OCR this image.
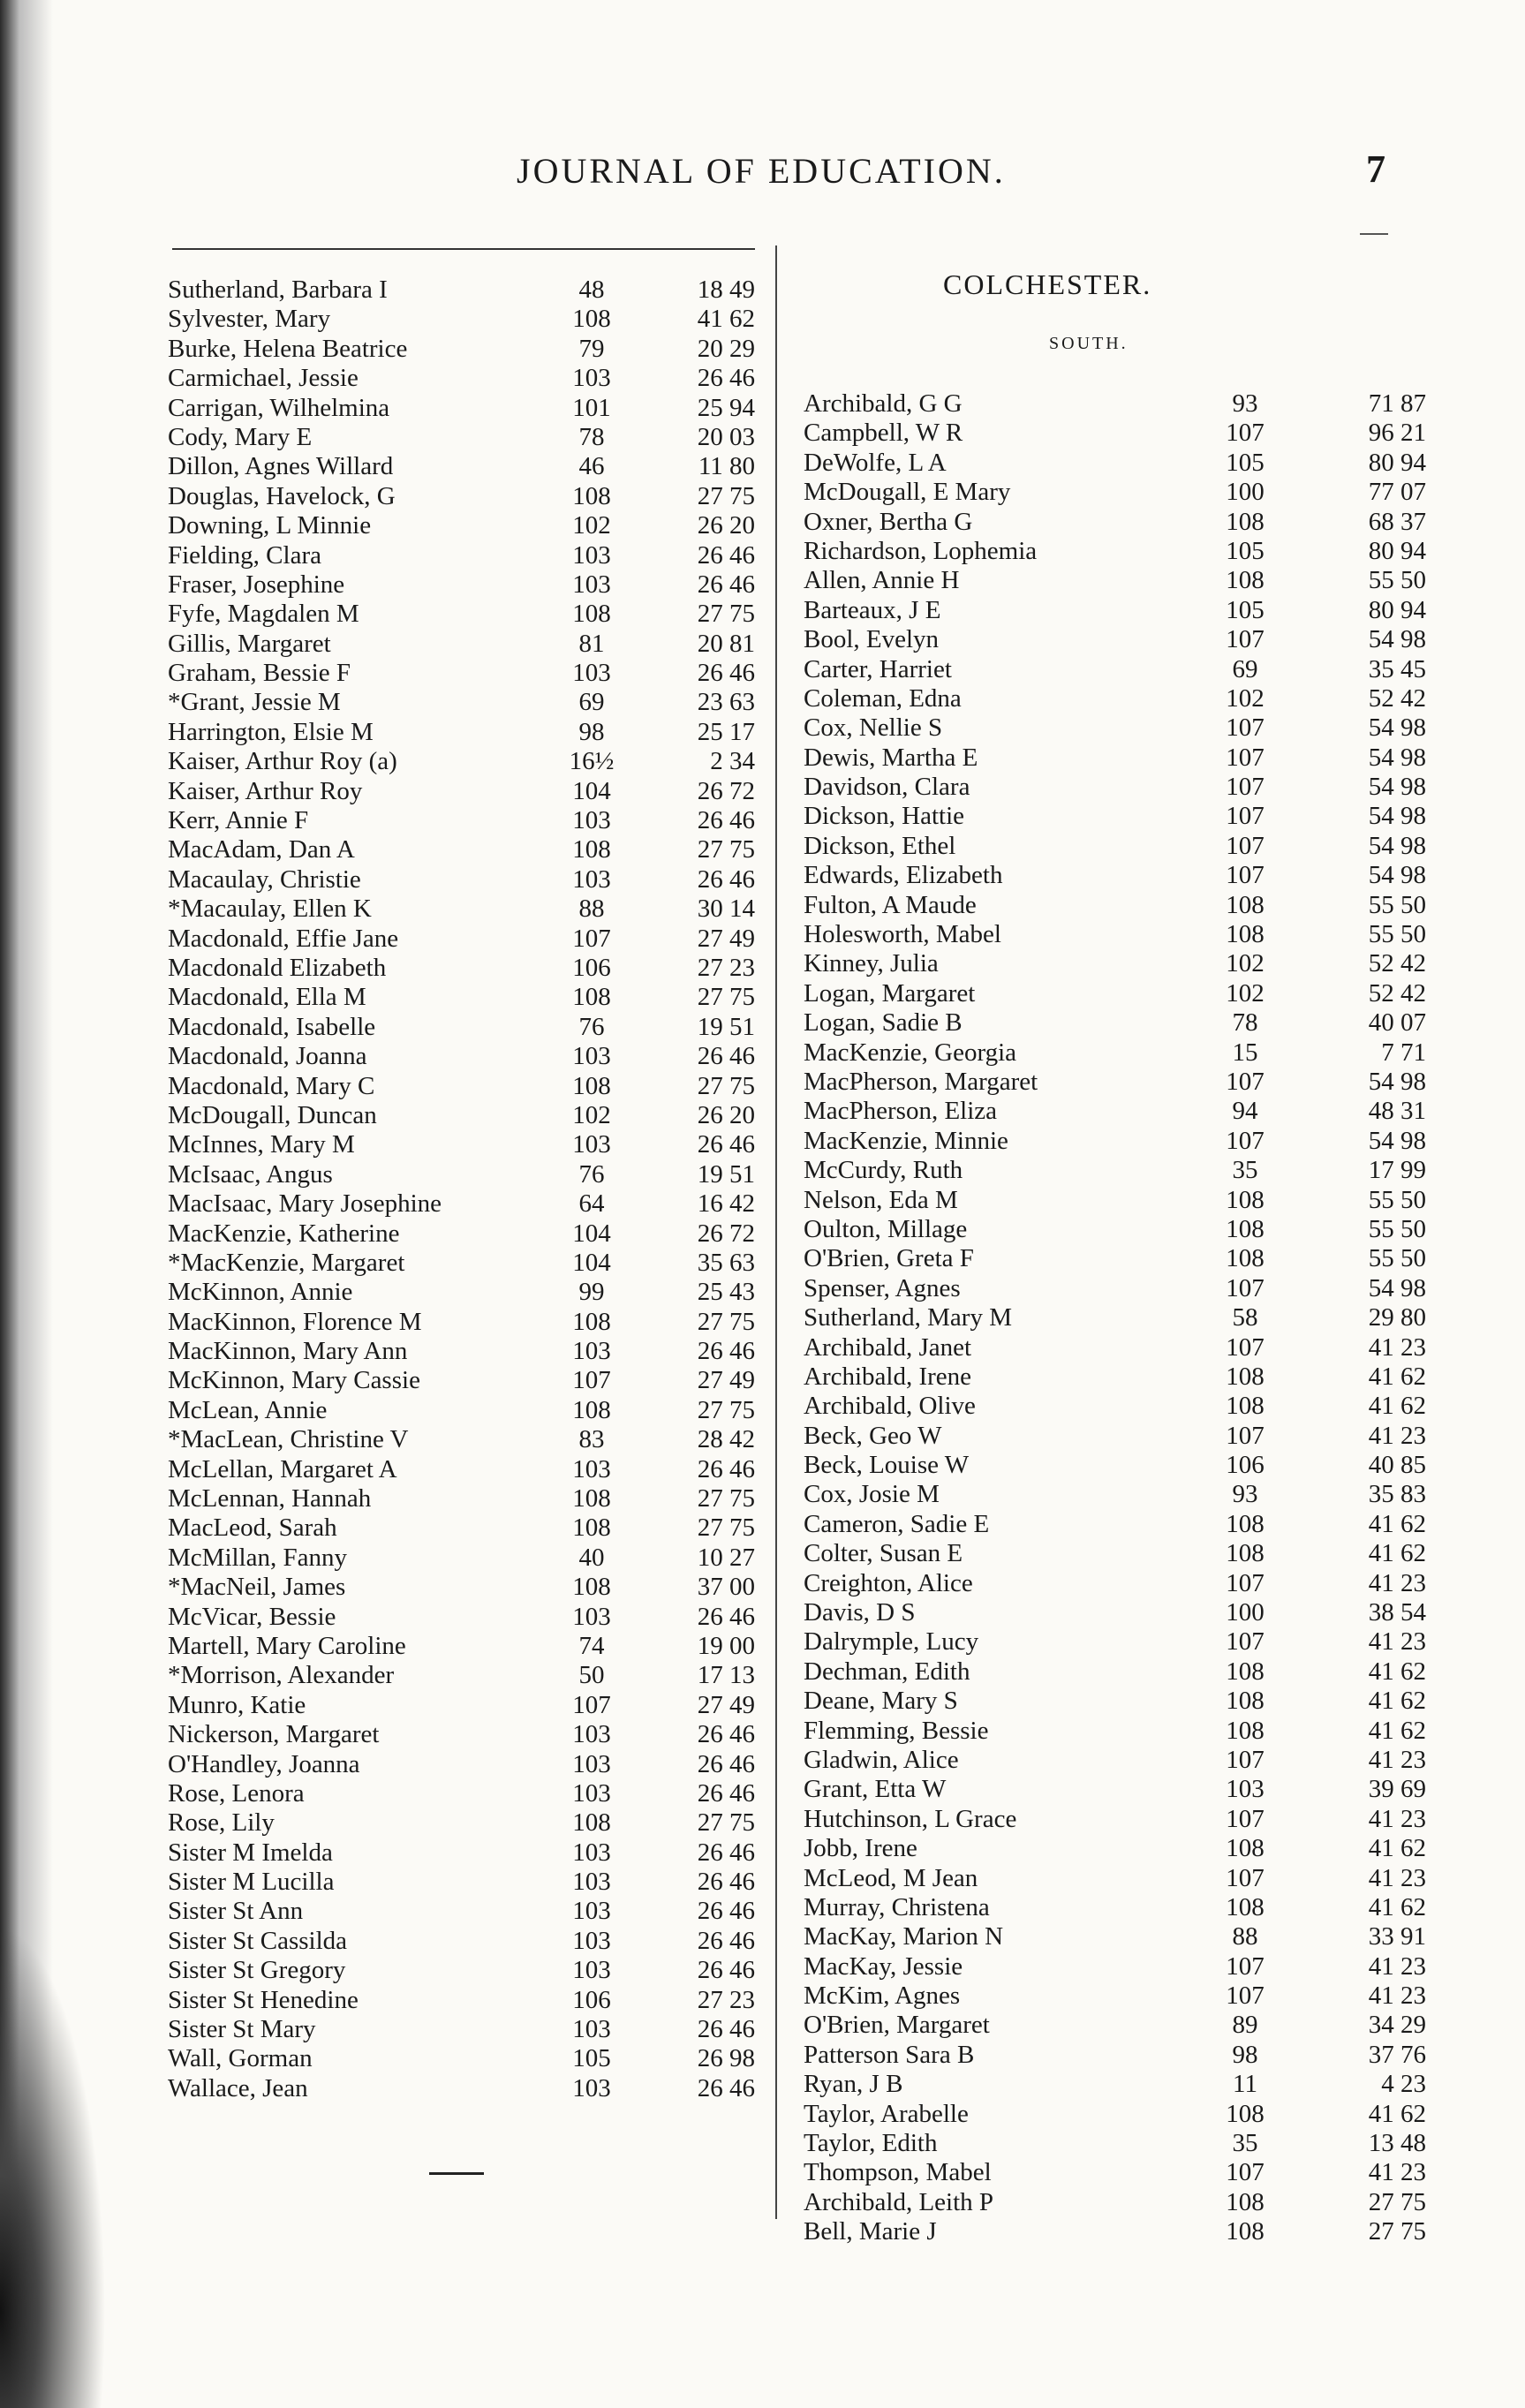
JOURNAL OF EDUCATION.	7
Sutherland, Barbara I	48	18 49
Sylvester, Mary	108	41 62
Burke, Helena Beatrice	79	20 29
Carmichael, Jessie	103	26 46
Carrigan, Wilhelmina	101	25 94
Cody, Mary E	78	20 03
Dillon, Agnes Willard	46	11 80
Douglas, Havelock, G	108	27 75
Downing, L Minnie	102	26 20
Fielding, Clara	103	26 46
Fraser, Josephine	103	26 46
Fyfe, Magdalen M	108	27 75
Gillis, Margaret	81	20 81
Graham, Bessie F	103	26 46
*Grant, Jessie M	69	23 63
Harrington, Elsie M	98	25 17
Kaiser, Arthur Roy (a)	16½	2 34
Kaiser, Arthur Roy	104	26 72
Kerr, Annie F	103	26 46
MacAdam, Dan A	108	27 75
Macaulay, Christie	103	26 46
*Macaulay, Ellen K	88	30 14
Macdonald, Effie Jane	107	27 49
Macdonald Elizabeth	106	27 23
Macdonald, Ella M	108	27 75
Macdonald, Isabelle	76	19 51
Macdonald, Joanna	103	26 46
Macdonald, Mary C	108	27 75
McDougall, Duncan	102	26 20
McInnes, Mary M	103	26 46
McIsaac, Angus	76	19 51
MacIsaac, Mary Josephine	64	16 42
MacKenzie, Katherine	104	26 72
*MacKenzie, Margaret	104	35 63
McKinnon, Annie	99	25 43
MacKinnon, Florence M	108	27 75
MacKinnon, Mary Ann	103	26 46
McKinnon, Mary Cassie	107	27 49
McLean, Annie	108	27 75
*MacLean, Christine V	83	28 42
McLellan, Margaret A	103	26 46
McLennan, Hannah	108	27 75
MacLeod, Sarah	108	27 75
McMillan, Fanny	40	10 27
*MacNeil, James	108	37 00
McVicar, Bessie	103	26 46
Martell, Mary Caroline	74	19 00
*Morrison, Alexander	50	17 13
Munro, Katie	107	27 49
Nickerson, Margaret	103	26 46
O'Handley, Joanna	103	26 46
Rose, Lenora	103	26 46
Rose, Lily	108	27 75
Sister M Imelda	103	26 46
Sister M Lucilla	103	26 46
Sister St Ann	103	26 46
Sister St Cassilda	103	26 46
Sister St Gregory	103	26 46
Sister St Henedine	106	27 23
Sister St Mary	103	26 46
Wall, Gorman	105	26 98
Wallace, Jean	103	26 46
COLCHESTER.
SOUTH.
Archibald, G G	93	71 87
Campbell, W R	107	96 21
DeWolfe, L A	105	80 94
McDougall, E Mary	100	77 07
Oxner, Bertha G	108	68 37
Richardson, Lophemia	105	80 94
Allen, Annie H	108	55 50
Barteaux, J E	105	80 94
Bool, Evelyn	107	54 98
Carter, Harriet	69	35 45
Coleman, Edna	102	52 42
Cox, Nellie S	107	54 98
Dewis, Martha E	107	54 98
Davidson, Clara	107	54 98
Dickson, Hattie	107	54 98
Dickson, Ethel	107	54 98
Edwards, Elizabeth	107	54 98
Fulton, A Maude	108	55 50
Holesworth, Mabel	108	55 50
Kinney, Julia	102	52 42
Logan, Margaret	102	52 42
Logan, Sadie B	78	40 07
MacKenzie, Georgia	15	7 71
MacPherson, Margaret	107	54 98
MacPherson, Eliza	94	48 31
MacKenzie, Minnie	107	54 98
McCurdy, Ruth	35	17 99
Nelson, Eda M	108	55 50
Oulton, Millage	108	55 50
O'Brien, Greta F	108	55 50
Spenser, Agnes	107	54 98
Sutherland, Mary M	58	29 80
Archibald, Janet	107	41 23
Archibald, Irene	108	41 62
Archibald, Olive	108	41 62
Beck, Geo W	107	41 23
Beck, Louise W	106	40 85
Cox, Josie M	93	35 83
Cameron, Sadie E	108	41 62
Colter, Susan E	108	41 62
Creighton, Alice	107	41 23
Davis, D S	100	38 54
Dalrymple, Lucy	107	41 23
Dechman, Edith	108	41 62
Deane, Mary S	108	41 62
Flemming, Bessie	108	41 62
Gladwin, Alice	107	41 23
Grant, Etta W	103	39 69
Hutchinson, L Grace	107	41 23
Jobb, Irene	108	41 62
McLeod, M Jean	107	41 23
Murray, Christena	108	41 62
MacKay, Marion N	88	33 91
MacKay, Jessie	107	41 23
McKim, Agnes	107	41 23
O'Brien, Margaret	89	34 29
Patterson Sara B	98	37 76
Ryan, J B	11	4 23
Taylor, Arabelle	108	41 62
Taylor, Edith	35	13 48
Thompson, Mabel	107	41 23
Archibald, Leith P	108	27 75
Bell, Marie J	108	27 75
